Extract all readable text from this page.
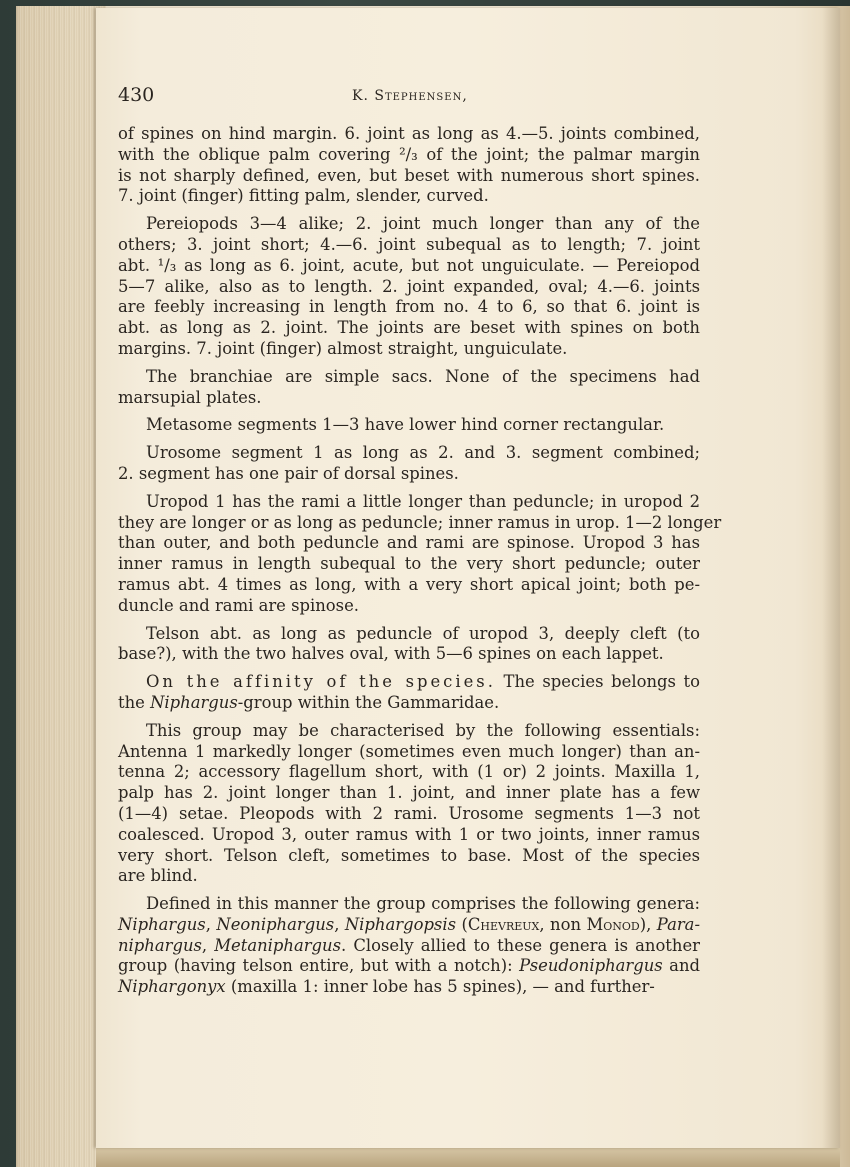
430	K. Stephensen,
of spines on hind margin. 6. joint as long as 4.—5. joints combined,
with the oblique palm covering ²/₃ of the joint; the palmar margin
is not sharply defined, even, but beset with numerous short spines.
7. joint (finger) fitting palm, slender, curved.
Pereiopods 3—4 alike; 2. joint much longer than any of the
others; 3. joint short; 4.—6. joint subequal as to length; 7. joint
abt. ¹/₃ as long as 6. joint, acute, but not unguiculate. — Pereiopod
5—7 alike, also as to length. 2. joint expanded, oval; 4.—6. joints
are feebly increasing in length from no. 4 to 6, so that 6. joint is
abt. as long as 2. joint. The joints are beset with spines on both
margins. 7. joint (finger) almost straight, unguiculate.
The branchiae are simple sacs. None of the specimens had
marsupial plates.
Metasome segments 1—3 have lower hind corner rectangular.
Urosome segment 1 as long as 2. and 3. segment combined;
2. segment has one pair of dorsal spines.
Uropod 1 has the rami a little longer than peduncle; in uropod 2
they are longer or as long as peduncle; inner ramus in urop. 1—2 longer
than outer, and both peduncle and rami are spinose. Uropod 3 has
inner ramus in length subequal to the very short peduncle; outer
ramus abt. 4 times as long, with a very short apical joint; both pe-
duncle and rami are spinose.
Telson abt. as long as peduncle of uropod 3, deeply cleft (to
base?), with the two halves oval, with 5—6 spines on each lappet.
On the affinity of the species. The species belongs to
the Niphargus-group within the Gammaridae.
This group may be characterised by the following essentials:
Antenna 1 markedly longer (sometimes even much longer) than an-
tenna 2; accessory flagellum short, with (1 or) 2 joints. Maxilla 1,
palp has 2. joint longer than 1. joint, and inner plate has a few
(1—4) setae. Pleopods with 2 rami. Urosome segments 1—3 not
coalesced. Uropod 3, outer ramus with 1 or two joints, inner ramus
very short. Telson cleft, sometimes to base. Most of the species
are blind.
Defined in this manner the group comprises the following genera:
Niphargus, Neoniphargus, Niphargopsis (Chevreux, non Monod), Para-
niphargus, Metaniphargus. Closely allied to these genera is another
group (having telson entire, but with a notch): Pseudoniphargus and
Niphargonyx (maxilla 1: inner lobe has 5 spines), — and further-
